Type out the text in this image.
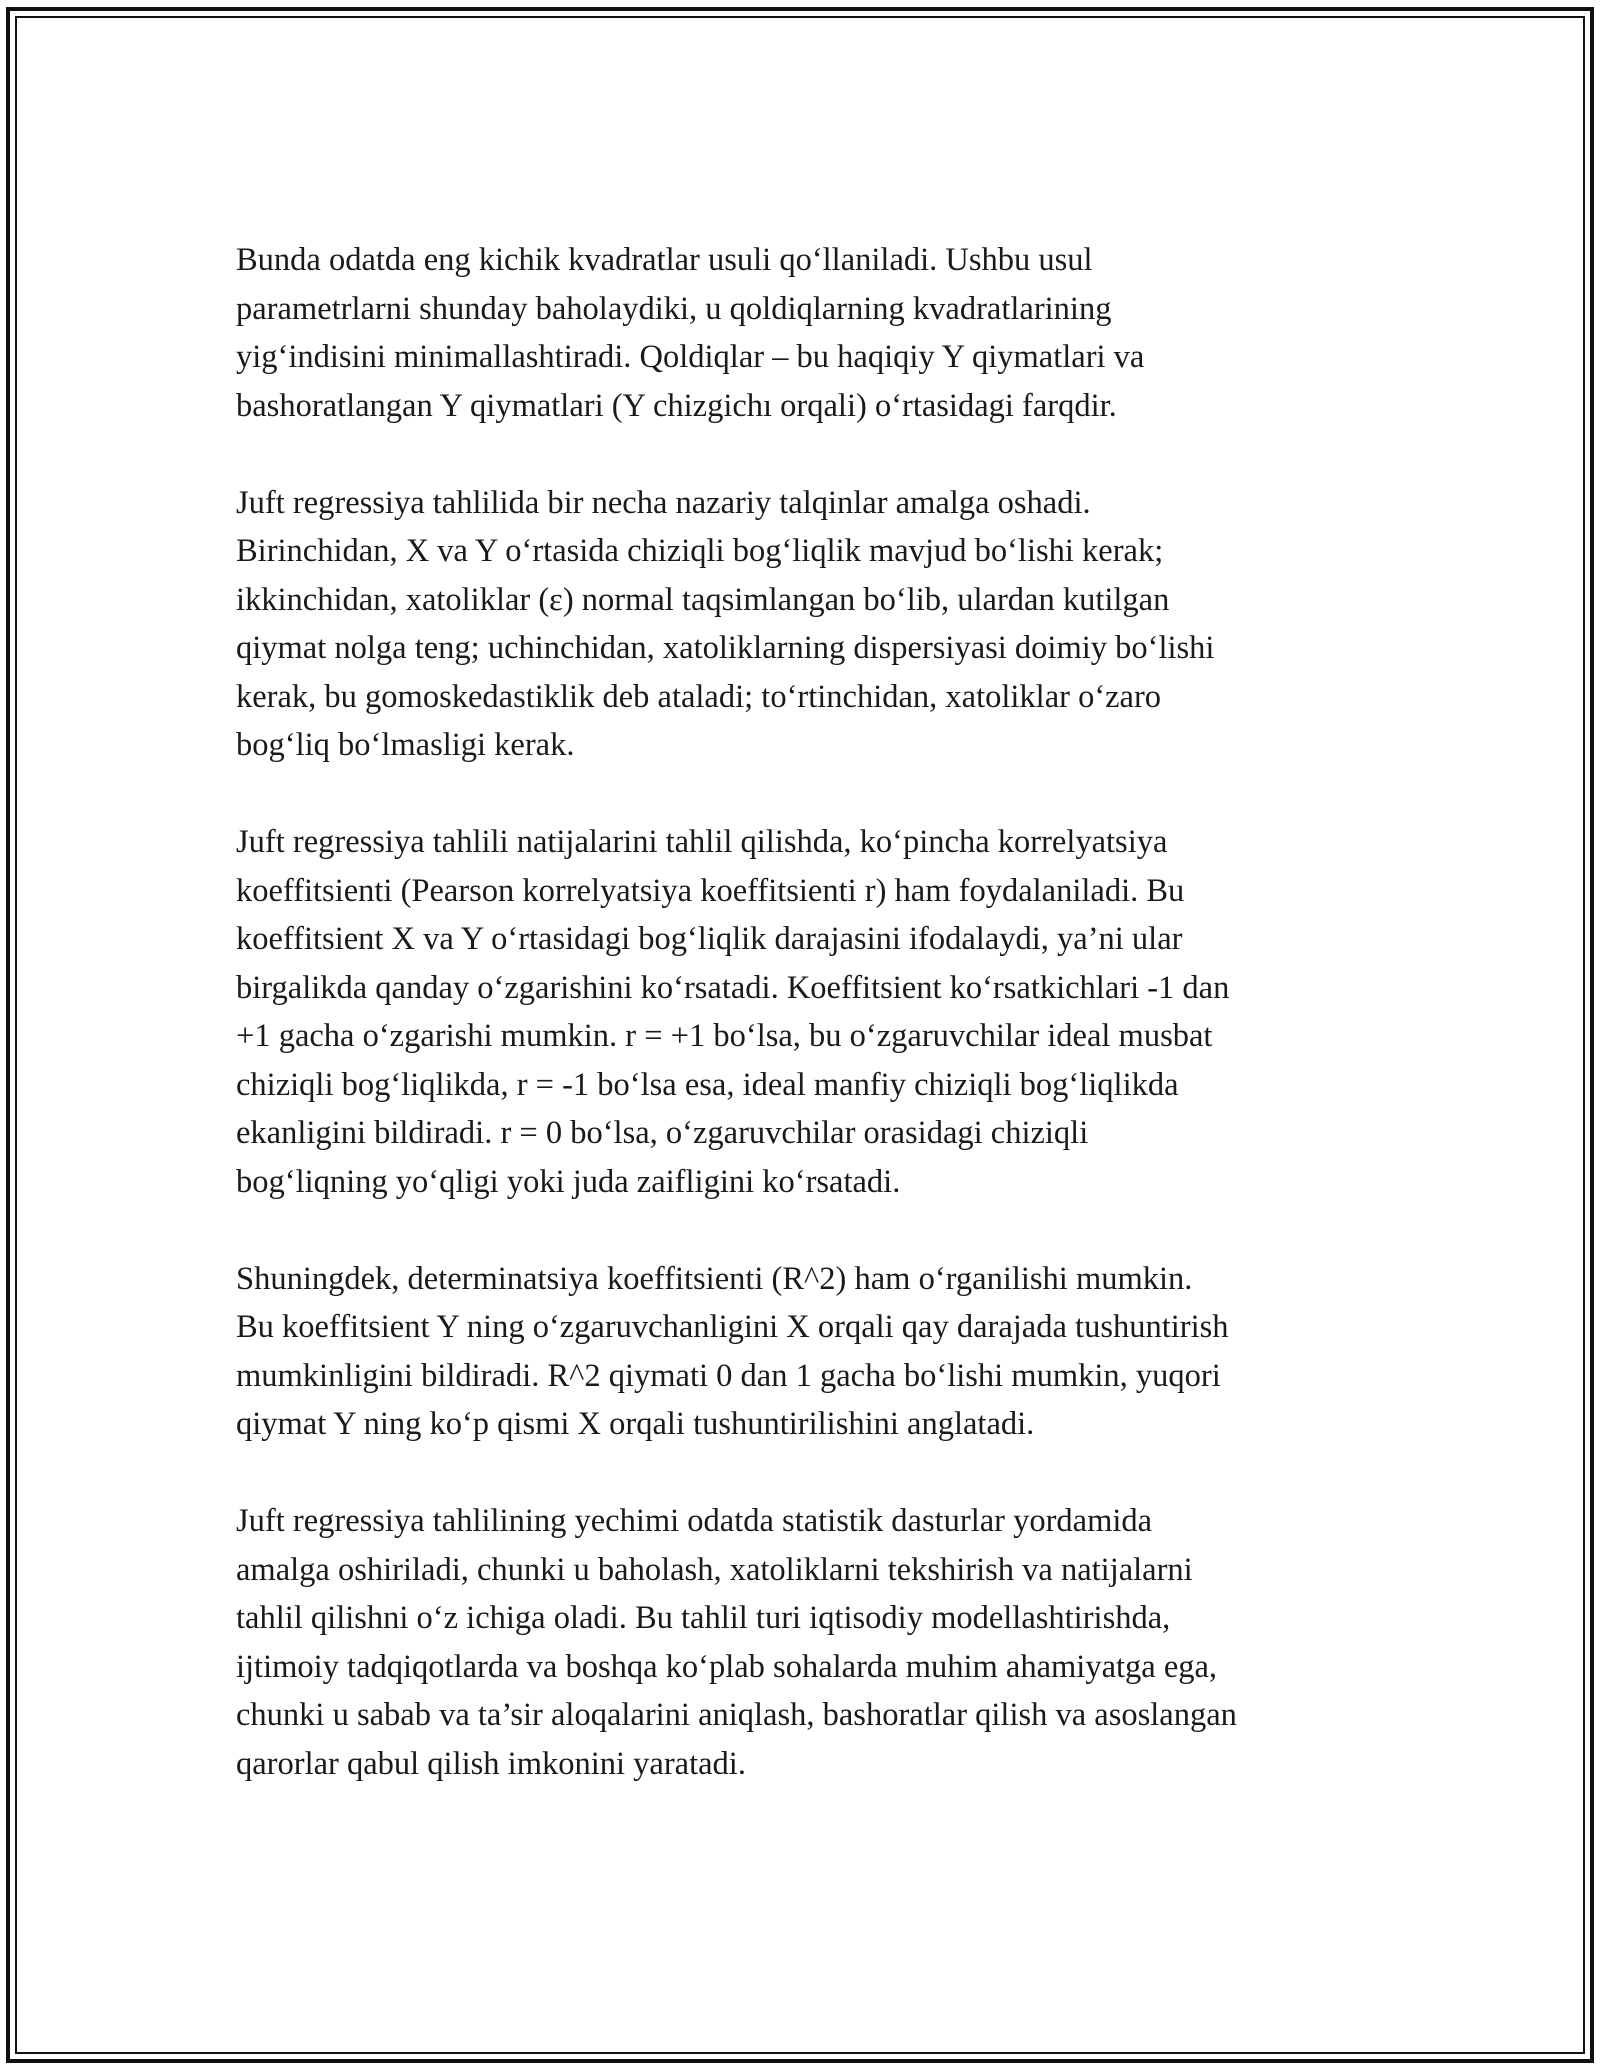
Bunda odatda eng kichik kvadratlar usuli qo‘llaniladi. Ushbu usul
parametrlarni shunday baholaydiki, u qoldiqlarning kvadratlarining
yig‘indisini minimallashtiradi. Qoldiqlar – bu haqiqiy Y qiymatlari va
bashoratlangan Y qiymatlari (Y chizgichı orqali) o‘rtasidagi farqdir.

Juft regressiya tahlilida bir necha nazariy talqinlar amalga oshadi.
Birinchidan, X va Y o‘rtasida chiziqli bog‘liqlik mavjud bo‘lishi kerak;
ikkinchidan, xatoliklar (ε) normal taqsimlangan bo‘lib, ulardan kutilgan
qiymat nolga teng; uchinchidan, xatoliklarning dispersiyasi doimiy bo‘lishi
kerak, bu gomoskedastiklik deb ataladi; to‘rtinchidan, xatoliklar o‘zaro
bog‘liq bo‘lmasligi kerak.

Juft regressiya tahlili natijalarini tahlil qilishda, ko‘pincha korrelyatsiya
koeffitsienti (Pearson korrelyatsiya koeffitsienti r) ham foydalaniladi. Bu
koeffitsient X va Y o‘rtasidagi bog‘liqlik darajasini ifodalaydi, ya’ni ular
birgalikda qanday o‘zgarishini ko‘rsatadi. Koeffitsient ko‘rsatkichlari -1 dan
+1 gacha o‘zgarishi mumkin. r = +1 bo‘lsa, bu o‘zgaruvchilar ideal musbat
chiziqli bog‘liqlikda, r = -1 bo‘lsa esa, ideal manfiy chiziqli bog‘liqlikda
ekanligini bildiradi. r = 0 bo‘lsa, o‘zgaruvchilar orasidagi chiziqli
bog‘liqning yo‘qligi yoki juda zaifligini ko‘rsatadi.

Shuningdek, determinatsiya koeffitsienti (R^2) ham o‘rganilishi mumkin.
Bu koeffitsient Y ning o‘zgaruvchanligini X orqali qay darajada tushuntirish
mumkinligini bildiradi. R^2 qiymati 0 dan 1 gacha bo‘lishi mumkin, yuqori
qiymat Y ning ko‘p qismi X orqali tushuntirilishini anglatadi.

Juft regressiya tahlilining yechimi odatda statistik dasturlar yordamida
amalga oshiriladi, chunki u baholash, xatoliklarni tekshirish va natijalarni
tahlil qilishni o‘z ichiga oladi. Bu tahlil turi iqtisodiy modellashtirishda,
ijtimoiy tadqiqotlarda va boshqa ko‘plab sohalarda muhim ahamiyatga ega,
chunki u sabab va ta’sir aloqalarini aniqlash, bashoratlar qilish va asoslangan
qarorlar qabul qilish imkonini yaratadi.
